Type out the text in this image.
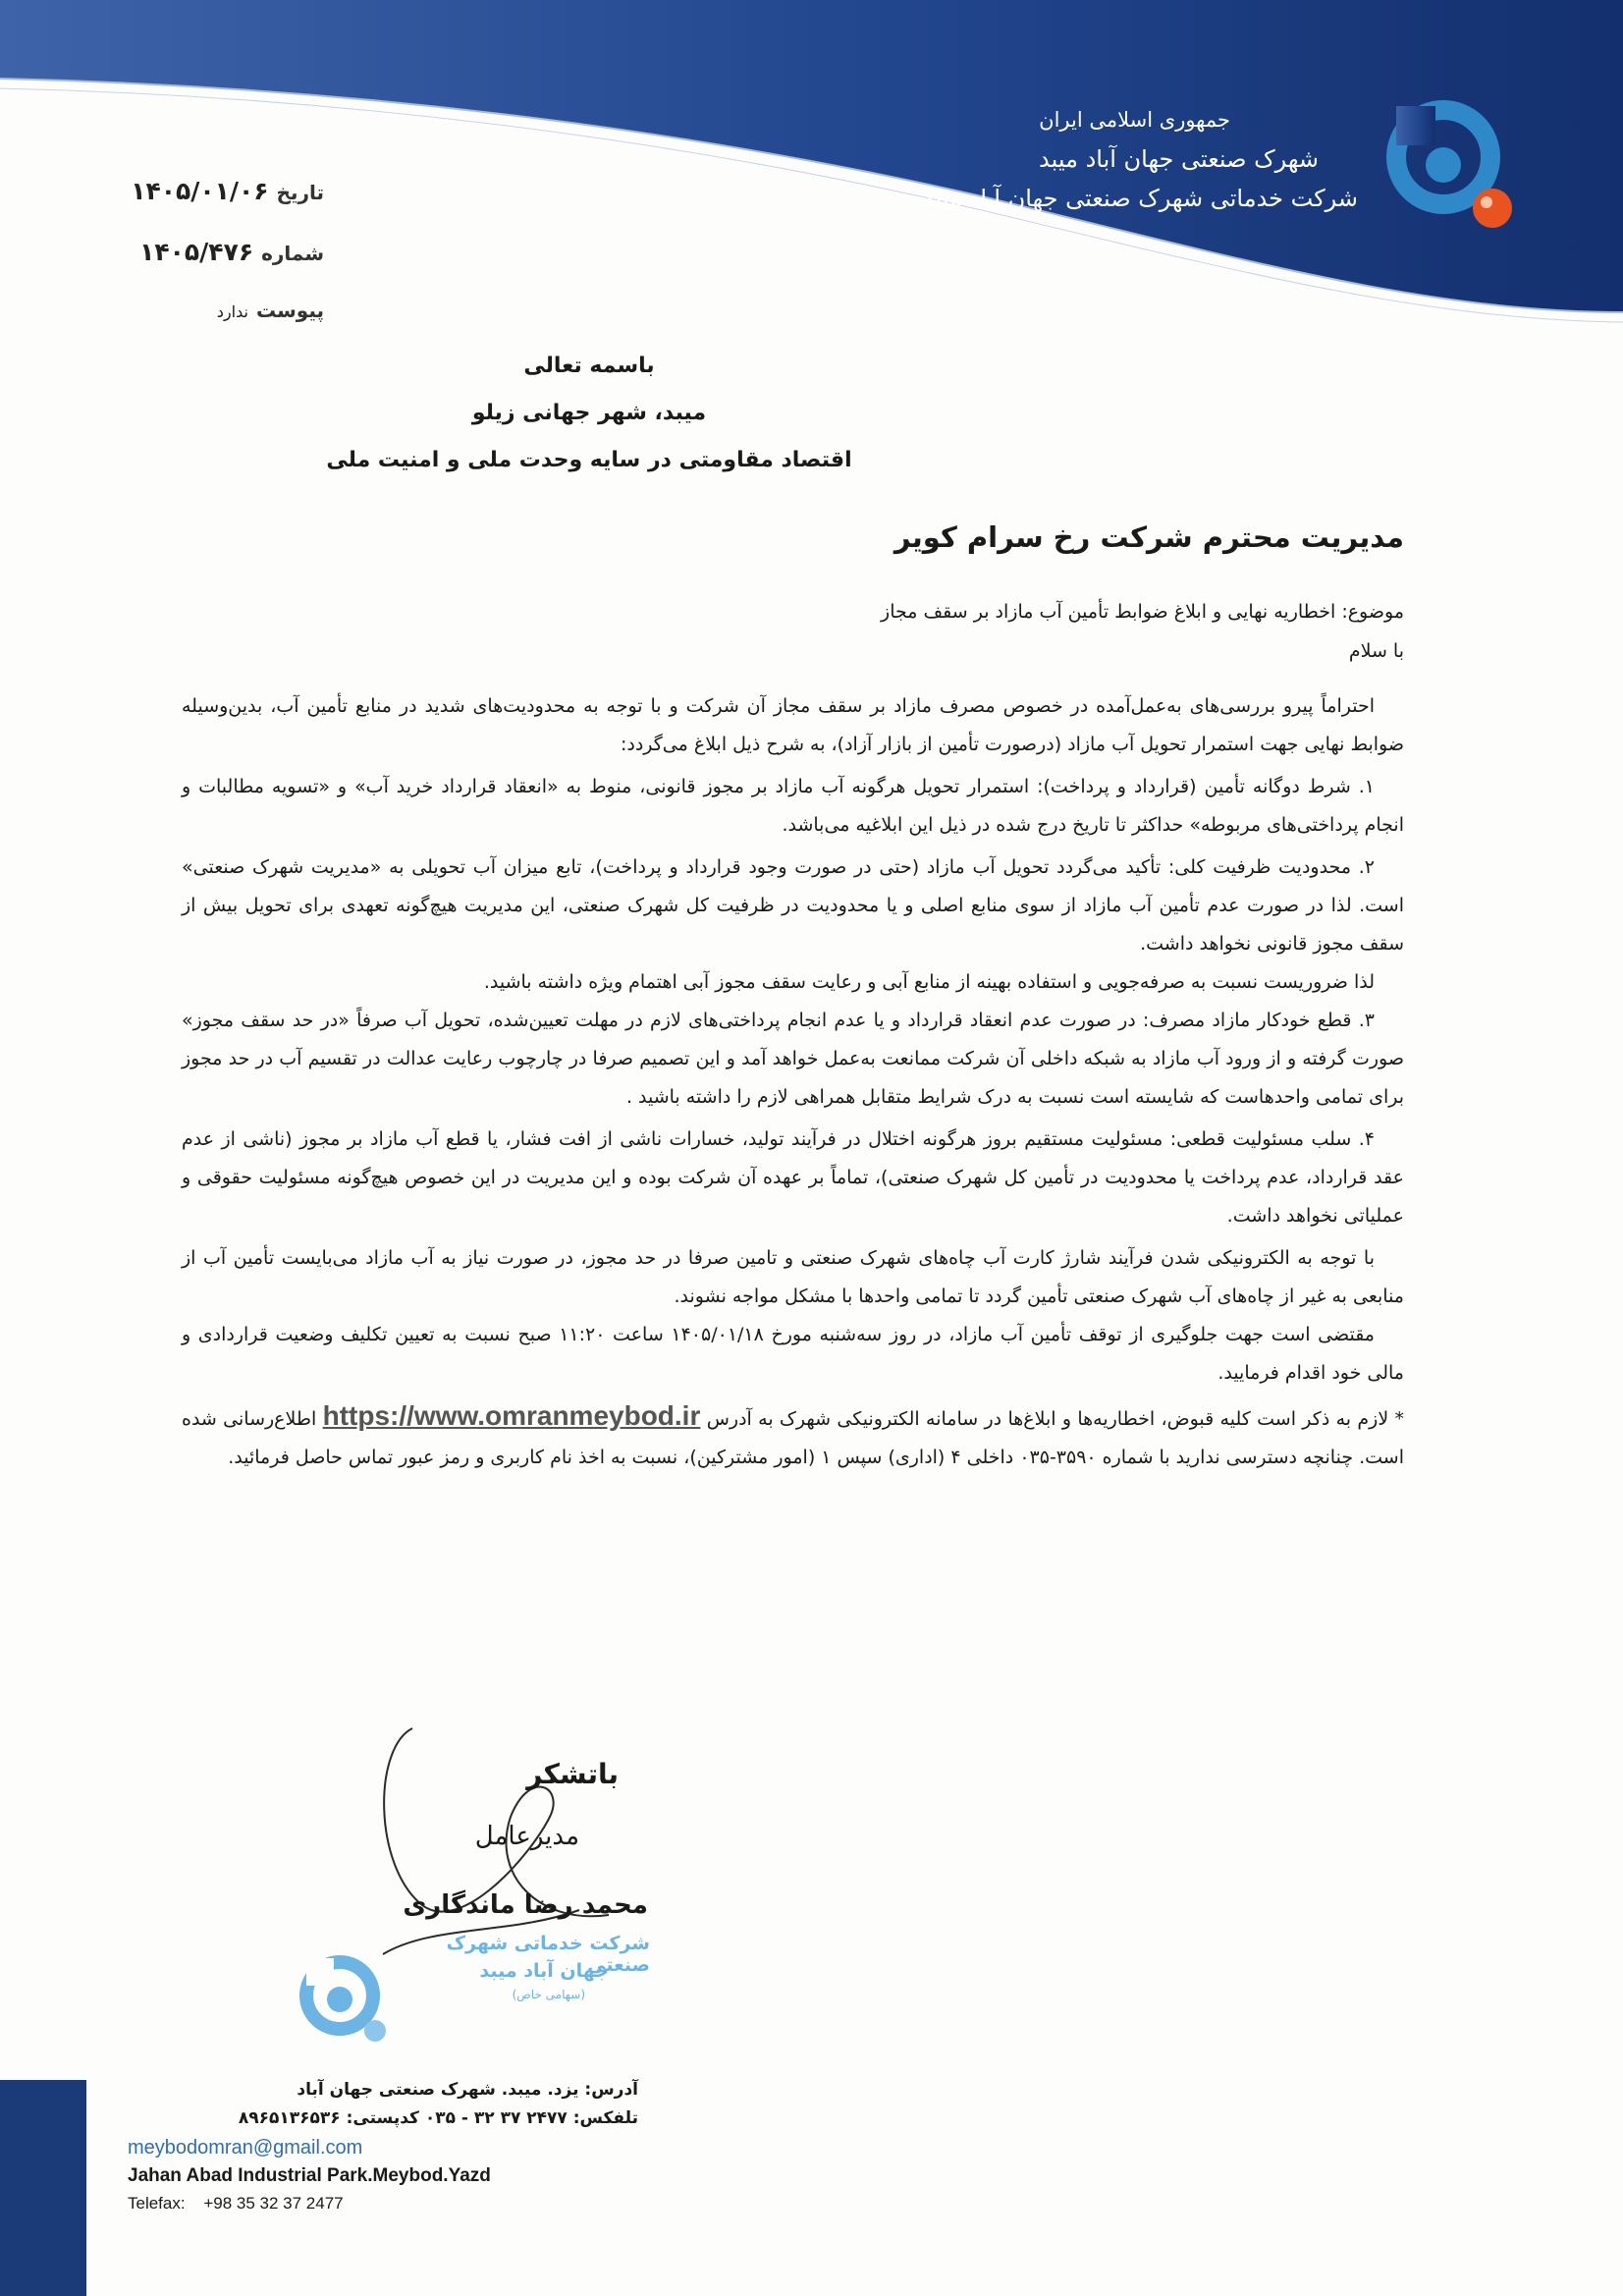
جمهوری اسلامی ایران
شهرک صنعتی جهان آباد میبد
شرکت خدماتی شهرک صنعتی جهان آباد میبد
تاریخ
۱۴۰۵/۰۱/۰۶
شماره
۱۴۰۵/۴۷۶
پیوست
ندارد
باسمه تعالی
میبد، شهر جهانی زیلو
اقتصاد مقاومتی در سایه وحدت ملی و امنیت ملی
مدیریت محترم شرکت رخ سرام کویر
موضوع: اخطاریه نهایی و ابلاغ ضوابط تأمین آب مازاد بر سقف مجاز
با سلام

احتراماً پیرو بررسی‌های به‌عمل‌آمده در خصوص مصرف مازاد بر سقف مجاز آن شرکت و با توجه به محدودیت‌های شدید در منابع تأمین آب، بدین‌وسیله ضوابط نهایی جهت استمرار تحویل آب مازاد (درصورت تأمین از بازار آزاد)، به شرح ذیل ابلاغ می‌گردد:

۱. شرط دوگانه تأمین (قرارداد و پرداخت): استمرار تحویل هرگونه آب مازاد بر مجوز قانونی، منوط به «انعقاد قرارداد خرید آب» و «تسویه مطالبات و انجام پرداختی‌های مربوطه» حداکثر تا تاریخ درج شده در ذیل این ابلاغیه می‌باشد.

۲. محدودیت ظرفیت کلی: تأکید می‌گردد تحویل آب مازاد (حتی در صورت وجود قرارداد و پرداخت)، تابع میزان آب تحویلی به «مدیریت شهرک صنعتی» است. لذا در صورت عدم تأمین آب مازاد از سوی منابع اصلی و یا محدودیت در ظرفیت کل شهرک صنعتی، این مدیریت هیچ‌گونه تعهدی برای تحویل بیش از سقف مجوز قانونی نخواهد داشت.

لذا ضروریست نسبت به صرفه‌جویی و استفاده بهینه از منابع آبی و رعایت سقف مجوز آبی اهتمام ویژه داشته باشید.

۳. قطع خودکار مازاد مصرف: در صورت عدم انعقاد قرارداد و یا عدم انجام پرداختی‌های لازم در مهلت تعیین‌شده، تحویل آب صرفاً «در حد سقف مجوز» صورت گرفته و از ورود آب مازاد به شبکه داخلی آن شرکت ممانعت به‌عمل خواهد آمد و این تصمیم صرفا در چارچوب رعایت عدالت در تقسیم آب در حد مجوز برای تمامی واحدهاست که شایسته است نسبت به درک شرایط متقابل همراهی لازم را داشته باشید .

۴. سلب مسئولیت قطعی: مسئولیت مستقیم بروز هرگونه اختلال در فرآیند تولید، خسارات ناشی از افت فشار، یا قطع آب مازاد بر مجوز (ناشی از عدم عقد قرارداد، عدم پرداخت یا محدودیت در تأمین کل شهرک صنعتی)، تماماً بر عهده آن شرکت بوده و این مدیریت در این خصوص هیچ‌گونه مسئولیت حقوقی و عملیاتی نخواهد داشت.

با توجه به الکترونیکی شدن فرآیند شارژ کارت آب چاه‌های شهرک صنعتی و تامین صرفا در حد مجوز، در صورت نیاز به آب مازاد می‌بایست تأمین آب از منابعی به غیر از چاه‌های آب شهرک صنعتی تأمین گردد تا تمامی واحدها با مشکل مواجه نشوند.

مقتضی است جهت جلوگیری از توقف تأمین آب مازاد، در روز سه‌شنبه مورخ ۱۴۰۵/۰۱/۱۸ ساعت ۱۱:۲۰ صبح نسبت به تعیین تکلیف وضعیت قراردادی و مالی خود اقدام فرمایید.

* لازم به ذکر است کلیه قبوض، اخطاریه‌ها و ابلاغ‌ها در سامانه الکترونیکی شهرک به آدرس https://www.omranmeybod.ir اطلاع‌رسانی شده است. چنانچه دسترسی ندارید با شماره ۳۵۹۰-۰۳۵ داخلی ۴ (اداری) سپس ۱ (امور مشترکین)، نسبت به اخذ نام کاربری و رمز عبور تماس حاصل فرمائید.

باتشکر
مدیرعامل
محمد رضا ماندگاری
شرکت خدماتی شهرک صنعتی
جهان آباد میبد
(سهامی خاص)
آدرس: یزد. میبد. شهرک صنعتی جهان آباد
تلفکس: ۲۴۷۷ ۳۷ ۳۲ - ۰۳۵ کدپستی: ۸۹۶۵۱۳۶۵۳۶
meybodomran@gmail.com
Jahan Abad Industrial Park.Meybod.Yazd
Telefax: +98 35 32 37 2477
